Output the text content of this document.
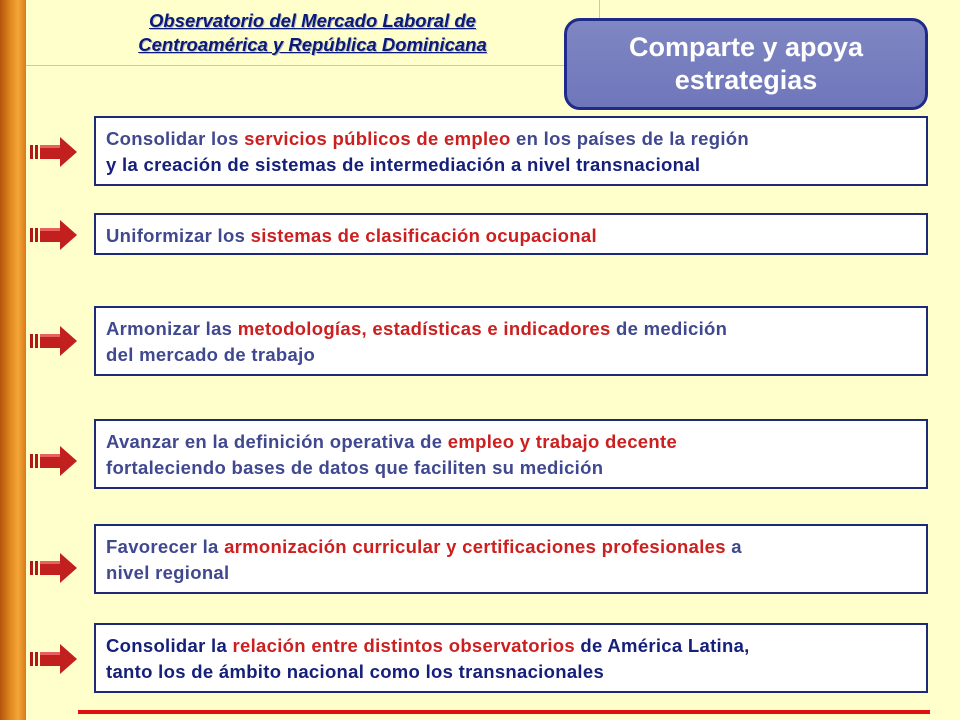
Observatorio del Mercado Laboral de
Centroamérica y República Dominicana	Comparte y apoya
estrategias
Consolidar los servicios públicos de empleo en los países de la región
y la creación de sistemas de intermediación a nivel transnacional
Uniformizar los sistemas de clasificación ocupacional
Armonizar las metodologías, estadísticas e indicadores de medición
del mercado de trabajo
Avanzar en la definición operativa de empleo y trabajo decente
fortaleciendo bases de datos que faciliten su medición
Favorecer la armonización curricular y certificaciones profesionales a
nivel regional
Consolidar la relación entre distintos observatorios de América Latina,
tanto los de ámbito nacional como los transnacionales
